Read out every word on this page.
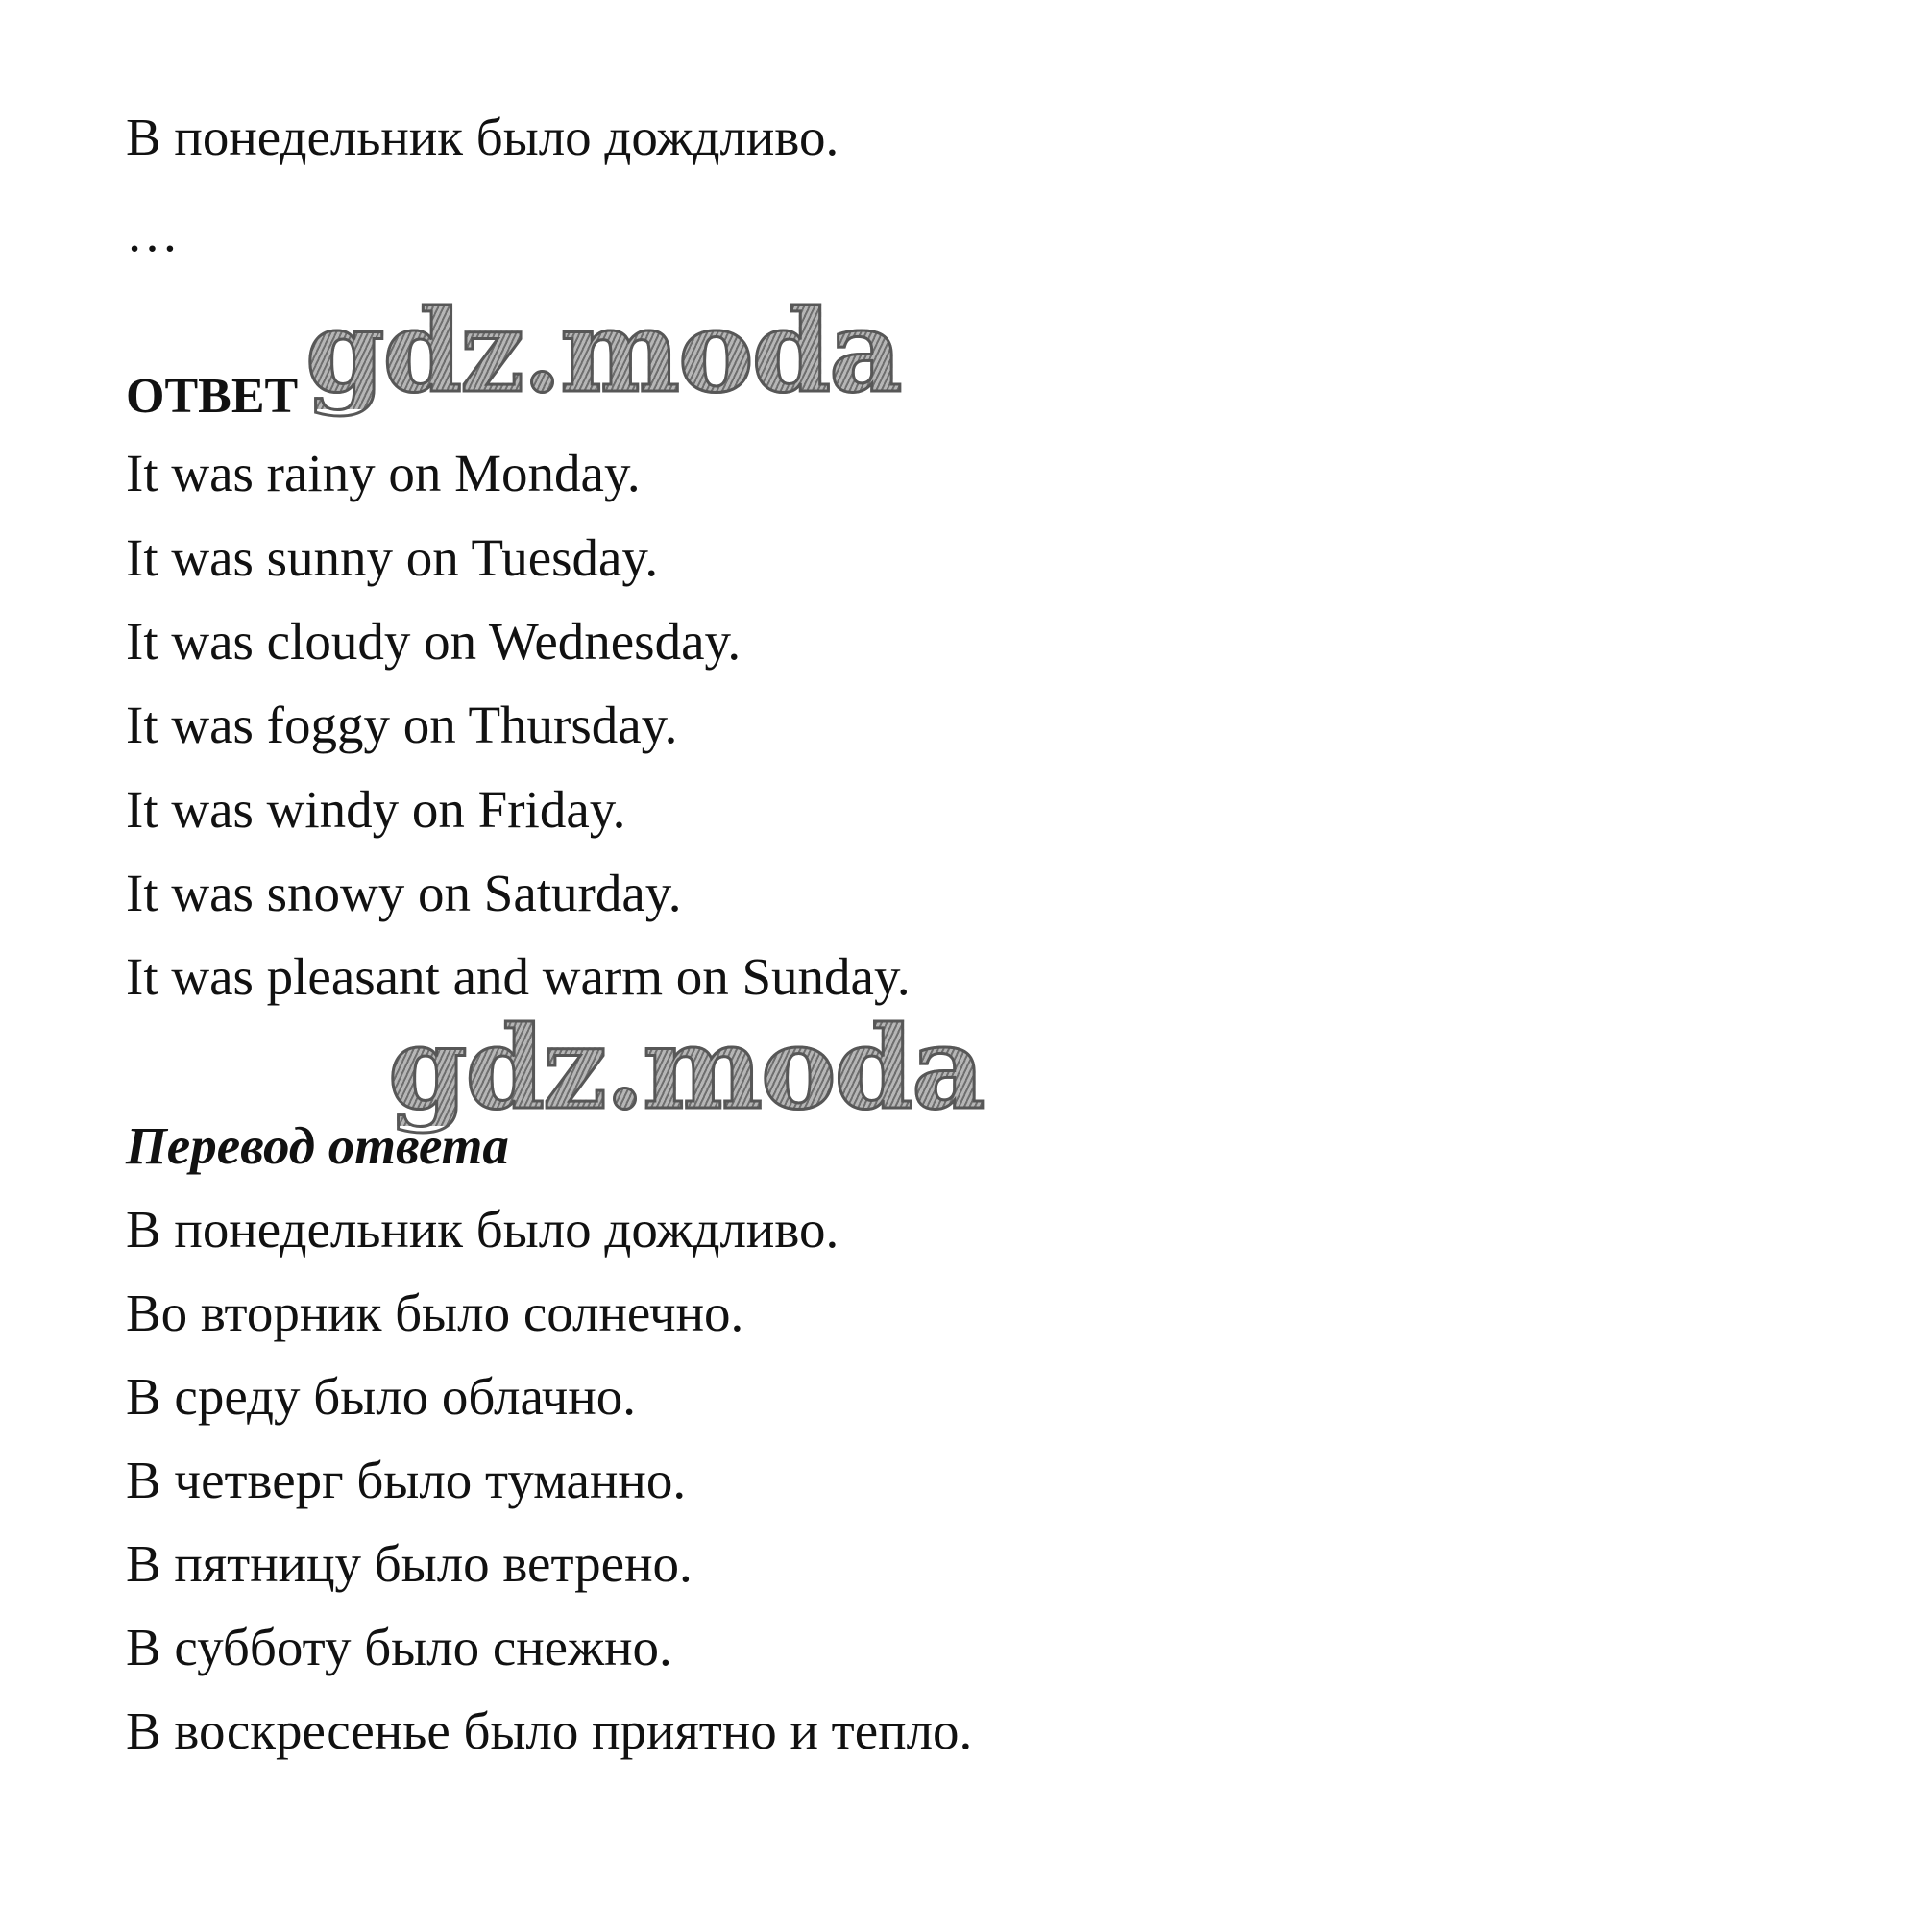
В понедельник было дождливо.
…
gdz.moda
ОТВЕТ
It was rainy on Monday.
It was sunny on Tuesday.
It was cloudy on Wednesday.
It was foggy on Thursday.
It was windy on Friday.
It was snowy on Saturday.
It was pleasant and warm on Sunday.
gdz.moda
Перевод ответа
В понедельник было дождливо.
Во вторник было солнечно.
В среду было облачно.
В четверг было туманно.
В пятницу было ветрено.
В субботу было снежно.
В воскресенье было приятно и тепло.
